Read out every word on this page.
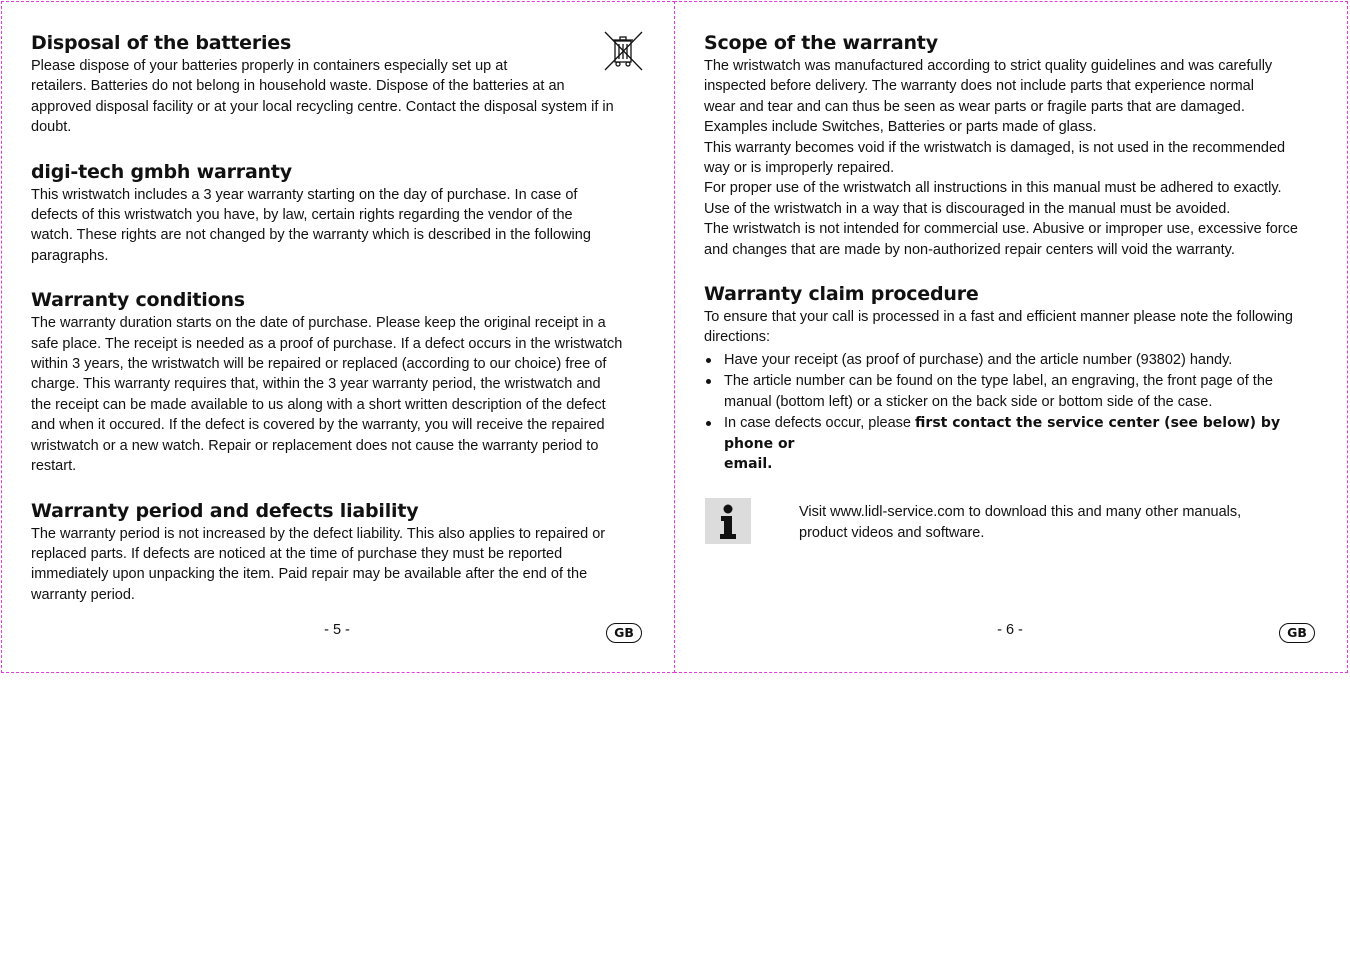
Disposal of the batteries

Please dispose of your batteries properly in containers especially set up at
retailers. Batteries do not belong in household waste. Dispose of the batteries at an
approved disposal facility or at your local recycling centre. Contact the disposal system if in
doubt.

digi-tech gmbh warranty

This wristwatch includes a 3 year warranty starting on the day of purchase. In case of
defects of this wristwatch you have, by law, certain rights regarding the vendor of the
watch. These rights are not changed by the warranty which is described in the following
paragraphs.

Warranty conditions

The warranty duration starts on the date of purchase. Please keep the original receipt in a
safe place. The receipt is needed as a proof of purchase. If a defect occurs in the wristwatch
within 3 years, the wristwatch will be repaired or replaced (according to our choice) free of
charge. This warranty requires that, within the 3 year warranty period, the wristwatch and
the receipt can be made available to us along with a short written description of the defect
and when it occured. If the defect is covered by the warranty, you will receive the repaired
wristwatch or a new watch. Repair or replacement does not cause the warranty period to
restart.

Warranty period and defects liability

The warranty period is not increased by the defect liability. This also applies to repaired or
replaced parts. If defects are noticed at the time of purchase they must be reported
immediately upon unpacking the item. Paid repair may be available after the end of the
warranty period.

- 5 -	GB
Scope of the warranty

The wristwatch was manufactured according to strict quality guidelines and was carefully
inspected before delivery. The warranty does not include parts that experience normal
wear and tear and can thus be seen as wear parts or fragile parts that are damaged.
Examples include Switches, Batteries or parts made of glass.
This warranty becomes void if the wristwatch is damaged, is not used in the recommended
way or is improperly repaired.
For proper use of the wristwatch all instructions in this manual must be adhered to exactly.
Use of the wristwatch in a way that is discouraged in the manual must be avoided.
The wristwatch is not intended for commercial use. Abusive or improper use, excessive force
and changes that are made by non-authorized repair centers will void the warranty.

Warranty claim procedure

To ensure that your call is processed in a fast and efficient manner please note the following
directions:

Have your receipt (as proof of purchase) and the article number (93802) handy.
The article number can be found on the type label, an engraving, the front page of the
manual (bottom left) or a sticker on the back side or bottom side of the case.
In case defects occur, please first contact the service center (see below) by phone or
email.
Visit www.lidl-service.com to download this and many other manuals,
product videos and software.
- 6 -	GB
